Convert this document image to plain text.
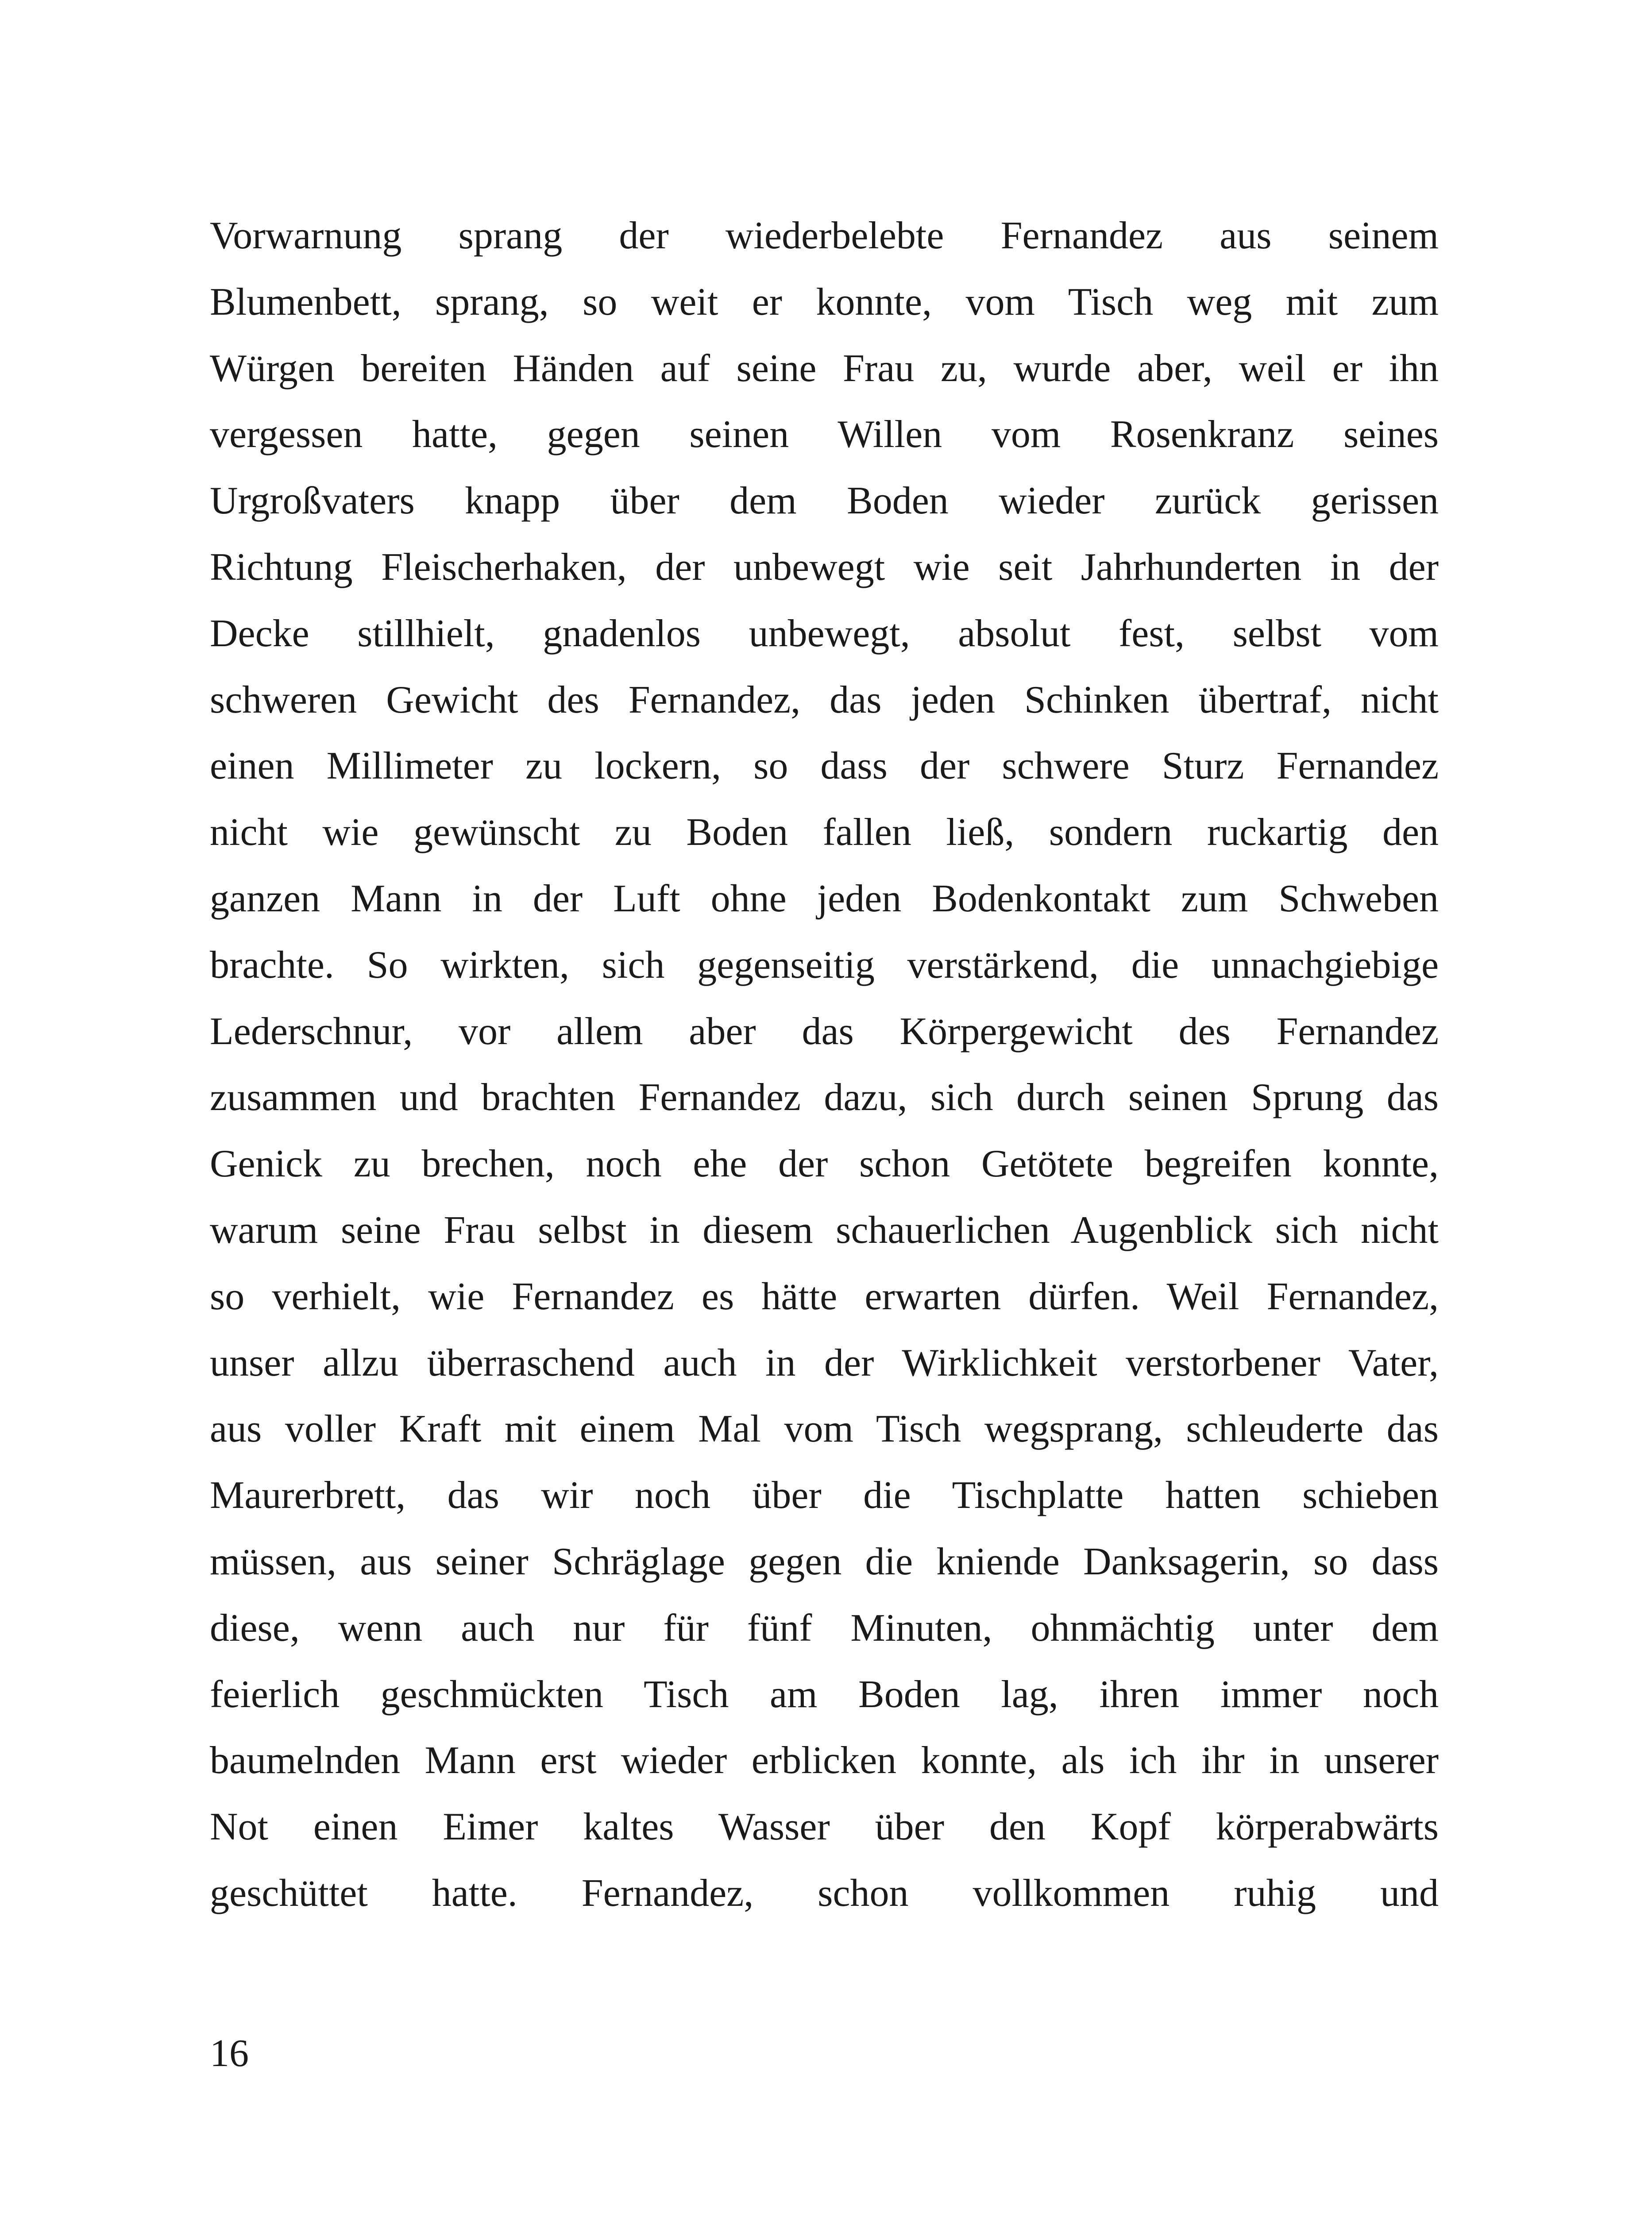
Vorwarnung sprang der wiederbelebte Fernandez aus seinem
Blumenbett, sprang, so weit er konnte, vom Tisch weg mit zum
Würgen bereiten Händen auf seine Frau zu, wurde aber, weil er ihn
vergessen hatte, gegen seinen Willen vom Rosenkranz seines
Urgroßvaters knapp über dem Boden wieder zurück gerissen
Richtung Fleischerhaken, der unbewegt wie seit Jahrhunderten in der
Decke stillhielt, gnadenlos unbewegt, absolut fest, selbst vom
schweren Gewicht des Fernandez, das jeden Schinken übertraf, nicht
einen Millimeter zu lockern, so dass der schwere Sturz Fernandez
nicht wie gewünscht zu Boden fallen ließ, sondern ruckartig den
ganzen Mann in der Luft ohne jeden Bodenkontakt zum Schweben
brachte. So wirkten, sich gegenseitig verstärkend, die unnachgiebige
Lederschnur, vor allem aber das Körpergewicht des Fernandez
zusammen und brachten Fernandez dazu, sich durch seinen Sprung das
Genick zu brechen, noch ehe der schon Getötete begreifen konnte,
warum seine Frau selbst in diesem schauerlichen Augenblick sich nicht
so verhielt, wie Fernandez es hätte erwarten dürfen. Weil Fernandez,
unser allzu überraschend auch in der Wirklichkeit verstorbener Vater,
aus voller Kraft mit einem Mal vom Tisch wegsprang, schleuderte das
Maurerbrett, das wir noch über die Tischplatte hatten schieben
müssen, aus seiner Schräglage gegen die kniende Danksagerin, so dass
diese, wenn auch nur für fünf Minuten, ohnmächtig unter dem
feierlich geschmückten Tisch am Boden lag, ihren immer noch
baumelnden Mann erst wieder erblicken konnte, als ich ihr in unserer
Not einen Eimer kaltes Wasser über den Kopf körperabwärts
geschüttet hatte. Fernandez, schon vollkommen ruhig und
16
